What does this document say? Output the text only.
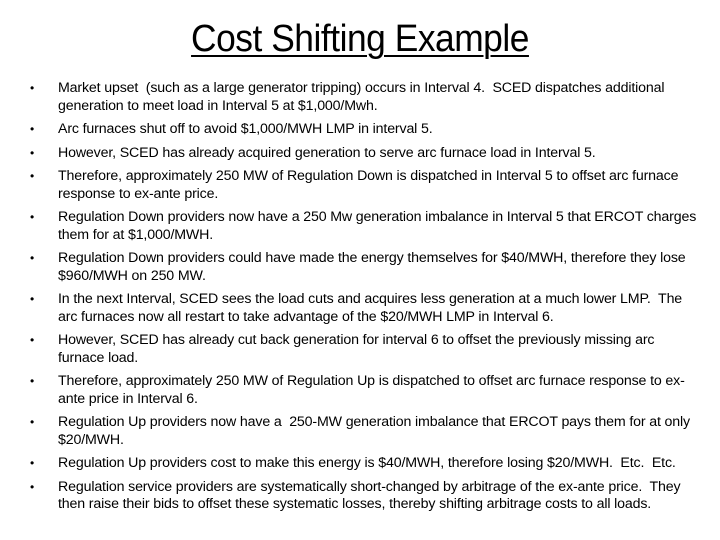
Cost Shifting Example
• Market upset  (such as a large generator tripping) occurs in Interval 4.  SCED dispatches additional generation to meet load in Interval 5 at $1,000/Mwh.
• Arc furnaces shut off to avoid $1,000/MWH LMP in interval 5.
• However, SCED has already acquired generation to serve arc furnace load in Interval 5.
• Therefore, approximately 250 MW of Regulation Down is dispatched in Interval 5 to offset arc furnace response to ex-ante price.
• Regulation Down providers now have a 250 Mw generation imbalance in Interval 5 that ERCOT charges them for at $1,000/MWH.
• Regulation Down providers could have made the energy themselves for $40/MWH, therefore they lose $960/MWH on 250 MW.
• In the next Interval, SCED sees the load cuts and acquires less generation at a much lower LMP.  The arc furnaces now all restart to take advantage of the $20/MWH LMP in Interval 6.
• However, SCED has already cut back generation for interval 6 to offset the previously missing arc furnace load.
• Therefore, approximately 250 MW of Regulation Up is dispatched to offset arc furnace response to ex-ante price in Interval 6.
• Regulation Up providers now have a  250-MW generation imbalance that ERCOT pays them for at only $20/MWH.
• Regulation Up providers cost to make this energy is $40/MWH, therefore losing $20/MWH.  Etc.  Etc.
• Regulation service providers are systematically short-changed by arbitrage of the ex-ante price.  They then raise their bids to offset these systematic losses, thereby shifting arbitrage costs to all loads.
